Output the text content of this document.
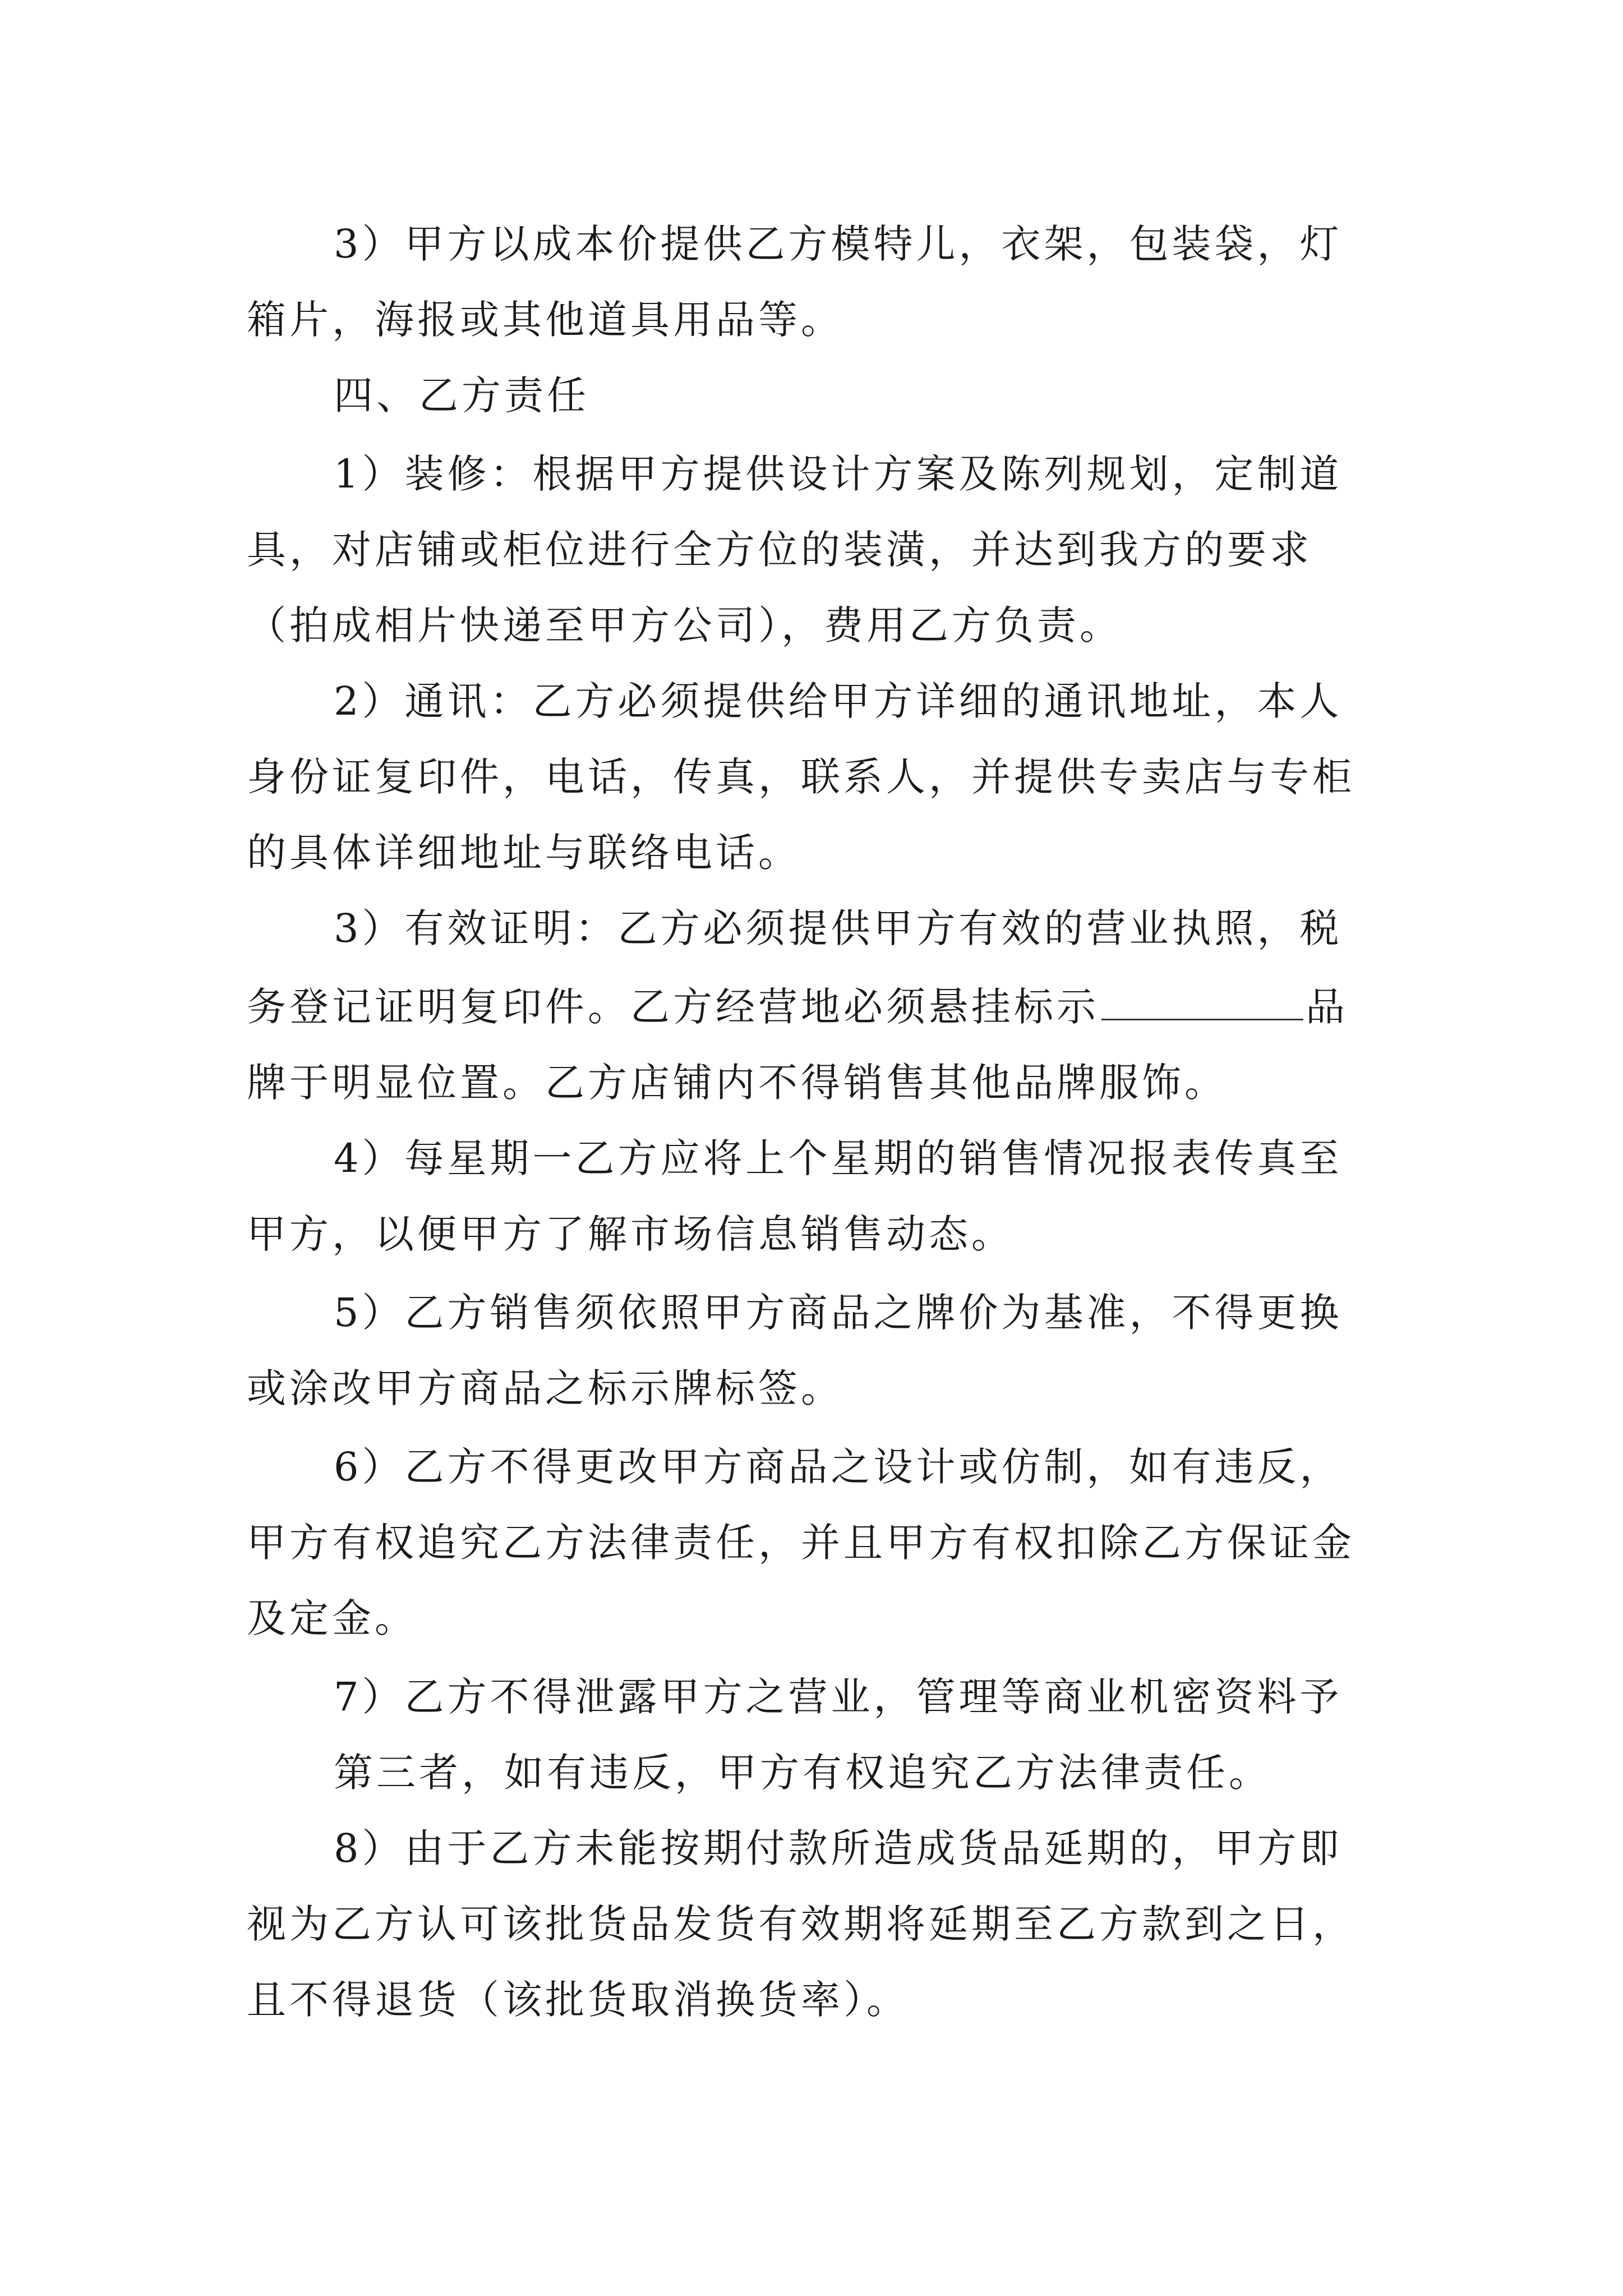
3）甲方以成本价提供乙方模特儿，衣架，包装袋，灯

箱片，海报或其他道具用品等。

四、乙方责任

1）装修：根据甲方提供设计方案及陈列规划，定制道

具，对店铺或柜位进行全方位的装潢，并达到我方的要求

（拍成相片快递至甲方公司），费用乙方负责。

2）通讯：乙方必须提供给甲方详细的通讯地址，本人

身份证复印件，电话，传真，联系人，并提供专卖店与专柜

的具体详细地址与联络电话。

3）有效证明：乙方必须提供甲方有效的营业执照，税

务登记证明复印件。乙方经营地必须悬挂标示	品

牌于明显位置。乙方店铺内不得销售其他品牌服饰。

4）每星期一乙方应将上个星期的销售情况报表传真至

甲方，以便甲方了解市场信息销售动态。

5）乙方销售须依照甲方商品之牌价为基准，不得更换

或涂改甲方商品之标示牌标签。

6）乙方不得更改甲方商品之设计或仿制，如有违反，

甲方有权追究乙方法律责任，并且甲方有权扣除乙方保证金

及定金。

7）乙方不得泄露甲方之营业，管理等商业机密资料予

第三者，如有违反，甲方有权追究乙方法律责任。

8）由于乙方未能按期付款所造成货品延期的，甲方即

视为乙方认可该批货品发货有效期将延期至乙方款到之日，

且不得退货（该批货取消换货率）。
